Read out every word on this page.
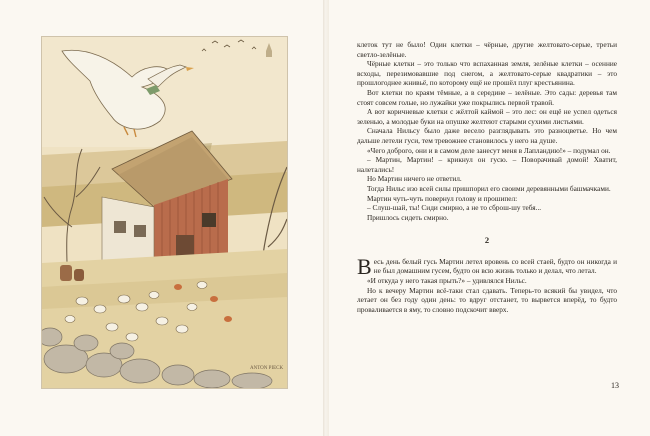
ANTON PIECK

клеток тут не было! Один клетки – чёрные, другие желтовато-серые, третьи светло-зелёные.

Чёрные клетки – это только что вспаханная земля, зелёные клетки – осенние всходы, перезимовавшие под снегом, а желтовато-серые квадратики – это прошлогоднее жнивьё, по которому ещё не прошёл плуг крестьянина.

Вот клетки по краям тёмные, а в середине – зелёные. Это сады: деревья там стоят совсем голые, но лужайки уже покрылись первой травой.

А вот коричневые клетки с жёлтой каймой – это лес: он ещё не успел одеться зеленью, а молодые буки на опушке желтеют старыми сухими листьями.

Сначала Нильсу было даже весело разглядывать это разноцветье. Но чем дальше летели гуси, тем тревожнее становилось у него на душе.

«Чего доброго, они и в самом деле занесут меня в Лапландию!» – подумал он.

– Мартин, Мартин! – крикнул он гусю. – Поворачивай домой! Хватит, налетались!

Но Мартин ничего не ответил.

Тогда Нильс изо всей силы пришпорил его своими деревянными башмачками.

Мартин чуть-чуть повернул голову и прошипел:

– Слуш-шай, ты! Сиди смирно, а не то сброш-шу тебя...

Пришлось сидеть смирно.

2

Весь день белый гусь Мартин летел вровень со всей стаей, будто он никогда и не был домашним гусем, будто он всю жизнь только и делал, что летал.

«И откуда у него такая прыть?» – удивлялся Нильс.

Но к вечеру Мартин всё-таки стал сдавать. Теперь-то всякий бы увидел, что летает он без году один день: то вдруг отстанет, то вырвется вперёд, то будто проваливается в яму, то словно подскочит вверх.

13
